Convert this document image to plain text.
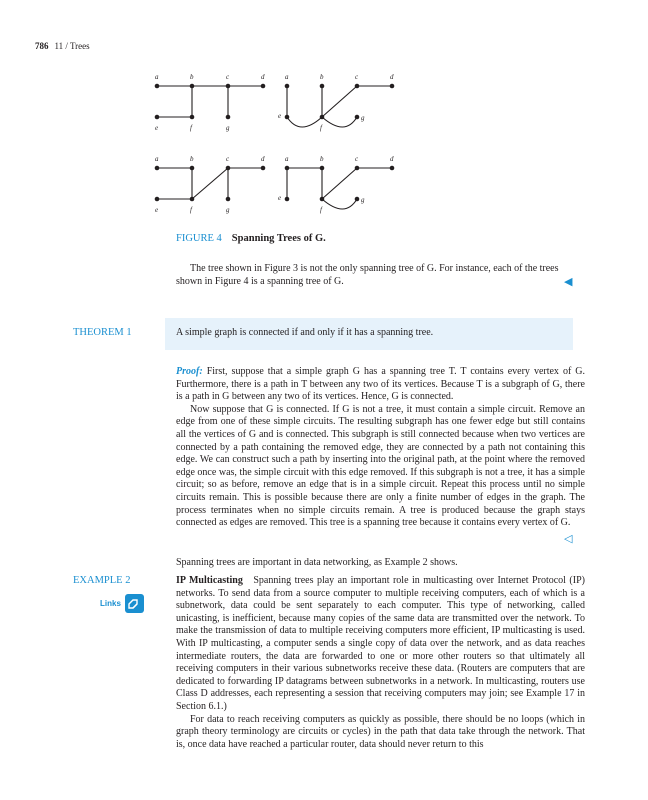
786 11 / Trees
a	b	c	d
e	f	g
a	b	c	d
e
f
g
a	b	c	d
e	f	g
a	b	c	d
e
f
g
FIGURE 4 Spanning Trees of G.

The tree shown in Figure 3 is not the only spanning tree of G. For instance, each of the trees

shown in Figure 4 is a spanning tree of G.	◀
THEOREM 1	A simple graph is connected if and only if it has a spanning tree.

Proof: First, suppose that a simple graph G has a spanning tree T. T contains every vertex of G. Furthermore, there is a path in T between any two of its vertices. Because T is a subgraph of G, there is a path in G between any two of its vertices. Hence, G is connected.

Now suppose that G is connected. If G is not a tree, it must contain a simple circuit. Remove an edge from one of these simple circuits. The resulting subgraph has one fewer edge but still contains all the vertices of G and is connected. This subgraph is still connected because when two vertices are connected by a path containing the removed edge, they are connected by a path not containing this edge. We can construct such a path by inserting into the original path, at the point where the removed edge once was, the simple circuit with this edge removed. If this subgraph is not a tree, it has a simple circuit; so as before, remove an edge that is in a simple circuit. Repeat this process until no simple circuits remain. This is possible because there are only a finite number of edges in the graph. The process terminates when no simple circuits remain. A tree is produced because the graph stays connected as edges are removed. This tree is a spanning tree because it contains every vertex of G.

◁
Spanning trees are important in data networking, as Example 2 shows.
EXAMPLE 2
Links

IP Multicasting Spanning trees play an important role in multicasting over Internet Protocol (IP) networks. To send data from a source computer to multiple receiving computers, each of which is a subnetwork, data could be sent separately to each computer. This type of networking, called unicasting, is inefficient, because many copies of the same data are transmitted over the network. To make the transmission of data to multiple receiving computers more efficient, IP multicasting is used. With IP multicasting, a computer sends a single copy of data over the network, and as data reaches intermediate routers, the data are forwarded to one or more other routers so that ultimately all receiving computers in their various subnetworks receive these data. (Routers are computers that are dedicated to forwarding IP datagrams between subnetworks in a network. In multicasting, routers use Class D addresses, each representing a session that receiving computers may join; see Example 17 in Section 6.1.)

For data to reach receiving computers as quickly as possible, there should be no loops (which in graph theory terminology are circuits or cycles) in the path that data take through the network. That is, once data have reached a particular router, data should never return to this
